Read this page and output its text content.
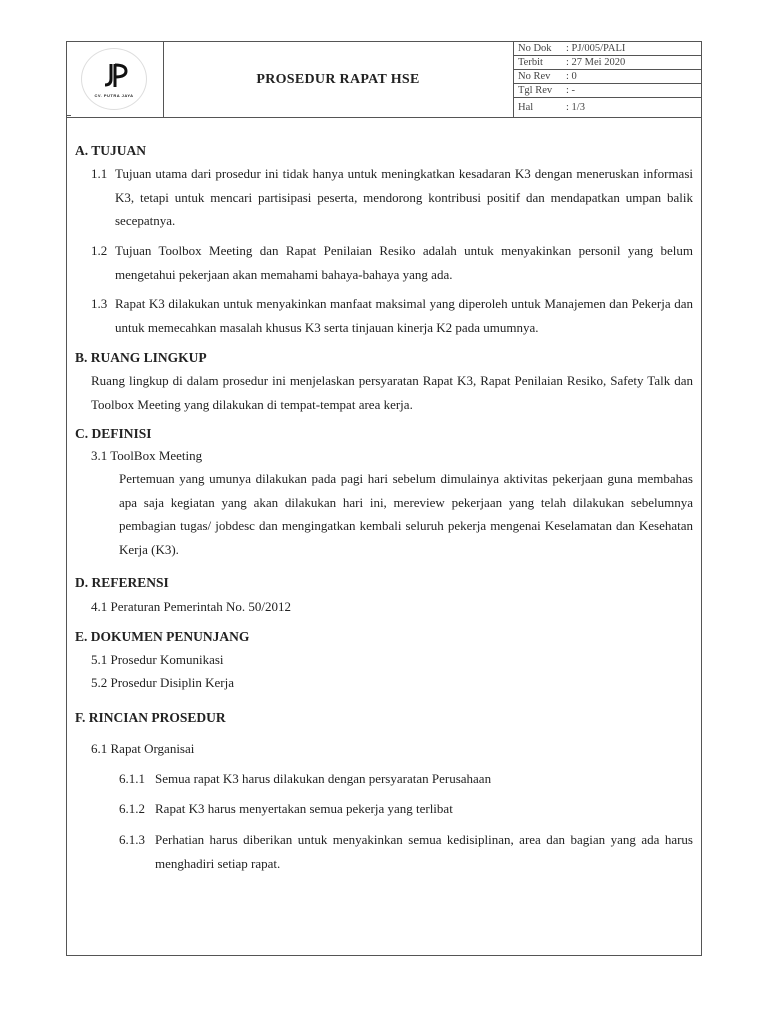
CV. PUTRA JAYA
PROSEDUR RAPAT HSE
No Dok : PJ/005/PALI
Terbit : 27 Mei 2020
No Rev : 0
Tgl Rev : -
Hal	: 1/3
A. TUJUAN
1.1 Tujuan utama dari prosedur ini tidak hanya untuk meningkatkan kesadaran K3 dengan meneruskan informasi K3, tetapi untuk mencari partisipasi peserta, mendorong kontribusi positif dan mendapatkan umpan balik secepatnya.
1.2 Tujuan Toolbox Meeting dan Rapat Penilaian Resiko adalah untuk menyakinkan personil yang belum mengetahui pekerjaan akan memahami bahaya-bahaya yang ada.
1.3 Rapat K3 dilakukan untuk menyakinkan manfaat maksimal yang diperoleh untuk Manajemen dan Pekerja dan untuk memecahkan masalah khusus K3 serta tinjauan kinerja K2 pada umumnya.
B. RUANG LINGKUP
Ruang lingkup di dalam prosedur ini menjelaskan persyaratan Rapat K3, Rapat Penilaian Resiko, Safety Talk dan Toolbox Meeting yang dilakukan di tempat-tempat area kerja.
C. DEFINISI
3.1 ToolBox Meeting
Pertemuan yang umunya dilakukan pada pagi hari sebelum dimulainya aktivitas pekerjaan guna membahas apa saja kegiatan yang akan dilakukan hari ini, mereview pekerjaan yang telah dilakukan sebelumnya pembagian tugas/ jobdesc dan mengingatkan kembali seluruh pekerja mengenai Keselamatan dan Kesehatan Kerja (K3).
D. REFERENSI
4.1 Peraturan Pemerintah No. 50/2012
E. DOKUMEN PENUNJANG
5.1 Prosedur Komunikasi
5.2 Prosedur Disiplin Kerja
F. RINCIAN PROSEDUR
6.1 Rapat Organisai
6.1.1 Semua rapat K3 harus dilakukan dengan persyaratan Perusahaan
6.1.2 Rapat K3 harus menyertakan semua pekerja yang terlibat
6.1.3 Perhatian harus diberikan untuk menyakinkan semua kedisiplinan, area dan bagian yang ada harus menghadiri setiap rapat.
